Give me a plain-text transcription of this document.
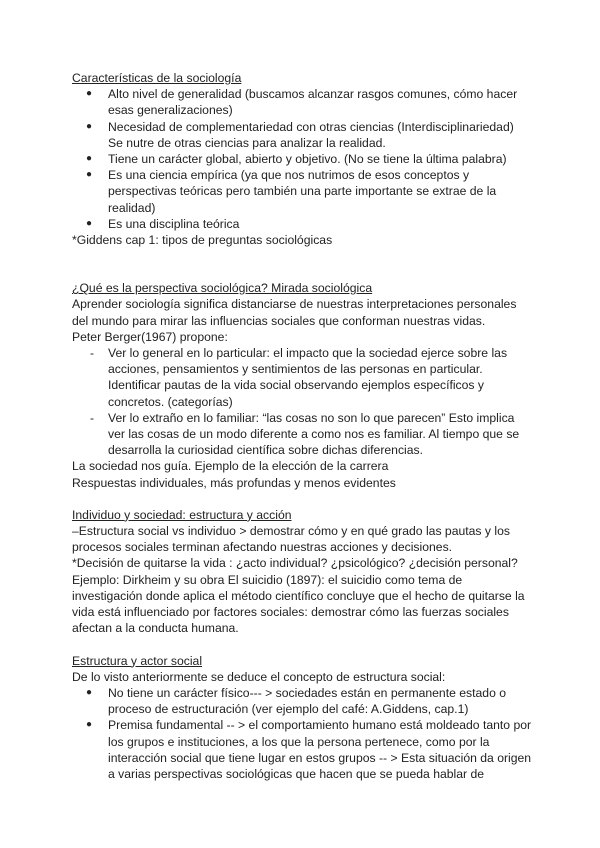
Características de la sociología

● Alto nivel de generalidad (buscamos alcanzar rasgos comunes, cómo hacer esas generalizaciones)
● Necesidad de complementariedad con otras ciencias (Interdisciplinariedad) Se nutre de otras ciencias para analizar la realidad.
● Tiene un carácter global, abierto y objetivo. (No se tiene la última palabra)
● Es una ciencia empírica (ya que nos nutrimos de esos conceptos y perspectivas teóricas pero también una parte importante se extrae de la realidad)
● Es una disciplina teórica

*Giddens cap 1: tipos de preguntas sociológicas

¿Qué es la perspectiva sociológica? Mirada sociológica

Aprender sociología significa distanciarse de nuestras interpretaciones personales del mundo para mirar las influencias sociales que conforman nuestras vidas.

Peter Berger(1967) propone:

- Ver lo general en lo particular: el impacto que la sociedad ejerce sobre las acciones, pensamientos y sentimientos de las personas en particular. Identificar pautas de la vida social observando ejemplos específicos y concretos. (categorías)
- Ver lo extraño en lo familiar: “las cosas no son lo que parecen” Esto implica ver las cosas de un modo diferente a como nos es familiar. Al tiempo que se desarrolla la curiosidad científica sobre dichas diferencias.

La sociedad nos guía. Ejemplo de la elección de la carrera

Respuestas individuales, más profundas y menos evidentes

Individuo y sociedad: estructura y acción

–Estructura social vs individuo > demostrar cómo y en qué grado las pautas y los procesos sociales terminan afectando nuestras acciones y decisiones.

*Decisión de quitarse la vida : ¿acto individual? ¿psicológico? ¿decisión personal?

Ejemplo: Dirkheim y su obra El suicidio (1897): el suicidio como tema de investigación donde aplica el método científico concluye que el hecho de quitarse la vida está influenciado por factores sociales: demostrar cómo las fuerzas sociales afectan a la conducta humana.

Estructura y actor social

De lo visto anteriormente se deduce el concepto de estructura social:

● No tiene un carácter físico--- > sociedades están en permanente estado o proceso de estructuración (ver ejemplo del café: A.Giddens, cap.1)
● Premisa fundamental -- > el comportamiento humano está moldeado tanto por los grupos e instituciones, a los que la persona pertenece, como por la interacción social que tiene lugar en estos grupos -- > Esta situación da origen a varias perspectivas sociológicas que hacen que se pueda hablar de
